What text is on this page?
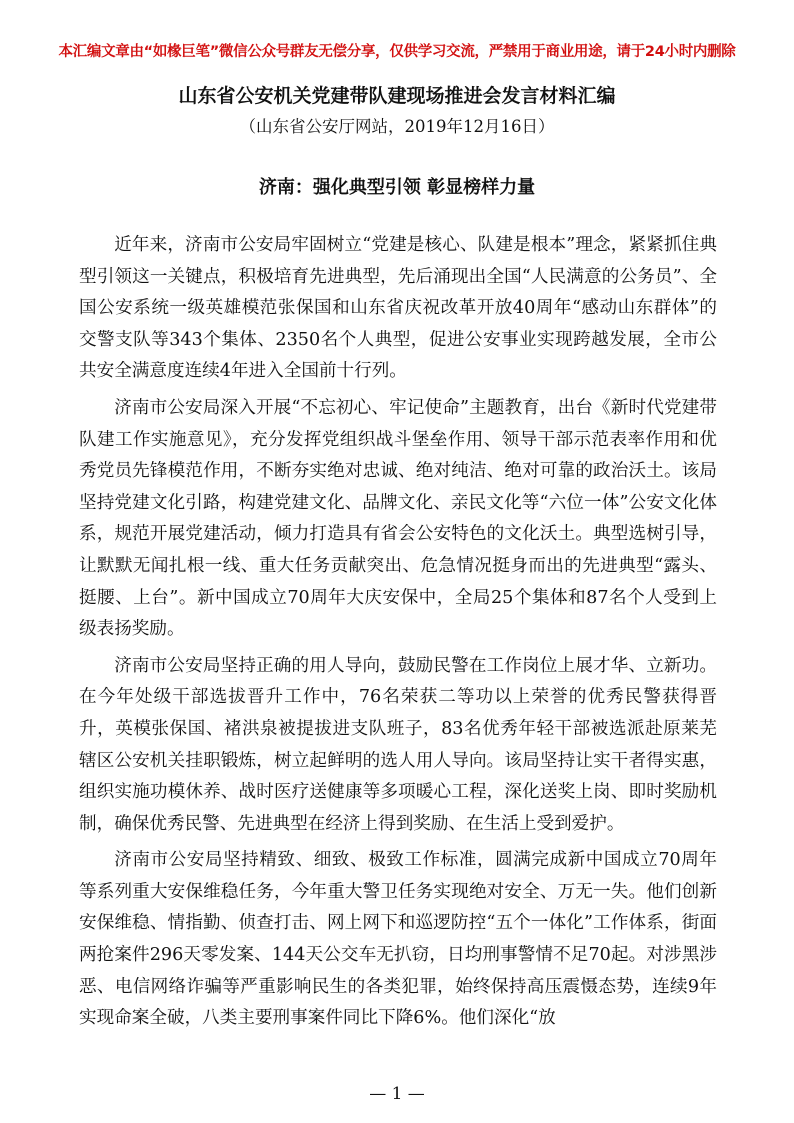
本汇编文章由“如椽巨笔”微信公众号群友无偿分享，仅供学习交流，严禁用于商业用途，请于24小时内删除
山东省公安机关党建带队建现场推进会发言材料汇编
（山东省公安厅网站，2019年12月16日）
济南：强化典型引领 彰显榜样力量

近年来，济南市公安局牢固树立“党建是核心、队建是根本”理念，紧紧抓住典型引领这一关键点，积极培育先进典型，先后涌现出全国“人民满意的公务员”、全国公安系统一级英雄模范张保国和山东省庆祝改革开放40周年“感动山东群体”的交警支队等343个集体、2350名个人典型，促进公安事业实现跨越发展，全市公共安全满意度连续4年进入全国前十行列。

济南市公安局深入开展“不忘初心、牢记使命”主题教育，出台《新时代党建带队建工作实施意见》，充分发挥党组织战斗堡垒作用、领导干部示范表率作用和优秀党员先锋模范作用，不断夯实绝对忠诚、绝对纯洁、绝对可靠的政治沃土。该局坚持党建文化引路，构建党建文化、品牌文化、亲民文化等“六位一体”公安文化体系，规范开展党建活动，倾力打造具有省会公安特色的文化沃土。典型选树引导，让默默无闻扎根一线、重大任务贡献突出、危急情况挺身而出的先进典型“露头、挺腰、上台”。新中国成立70周年大庆安保中，全局25个集体和87名个人受到上级表扬奖励。

济南市公安局坚持正确的用人导向，鼓励民警在工作岗位上展才华、立新功。在今年处级干部选拔晋升工作中，76名荣获二等功以上荣誉的优秀民警获得晋升，英模张保国、褚洪泉被提拔进支队班子，83名优秀年轻干部被选派赴原莱芜辖区公安机关挂职锻炼，树立起鲜明的选人用人导向。该局坚持让实干者得实惠，组织实施功模休养、战时医疗送健康等多项暖心工程，深化送奖上岗、即时奖励机制，确保优秀民警、先进典型在经济上得到奖励、在生活上受到爱护。

济南市公安局坚持精致、细致、极致工作标准，圆满完成新中国成立70周年等系列重大安保维稳任务，今年重大警卫任务实现绝对安全、万无一失。他们创新安保维稳、情指勤、侦查打击、网上网下和巡逻防控“五个一体化”工作体系，街面两抢案件296天零发案、144天公交车无扒窃，日均刑事警情不足70起。对涉黑涉恶、电信网络诈骗等严重影响民生的各类犯罪，始终保持高压震慑态势，连续9年实现命案全破，八类主要刑事案件同比下降6%。他们深化“放

— 1 —
